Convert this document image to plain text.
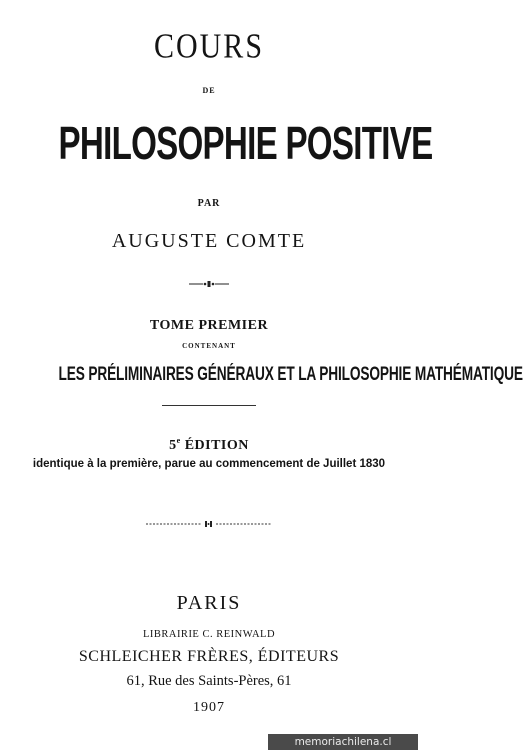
COURS
DE
PHILOSOPHIE POSITIVE
PAR
AUGUSTE COMTE
TOME PREMIER
CONTENANT
LES PRÉLIMINAIRES GÉNÉRAUX ET LA PHILOSOPHIE MATHÉMATIQUE
5e ÉDITION
identique à la première, parue au commencement de Juillet 1830
PARIS
LIBRAIRIE C. REINWALD
SCHLEICHER FRÈRES, ÉDITEURS
61, Rue des Saints-Pères, 61
1907
memoriachilena.cl
